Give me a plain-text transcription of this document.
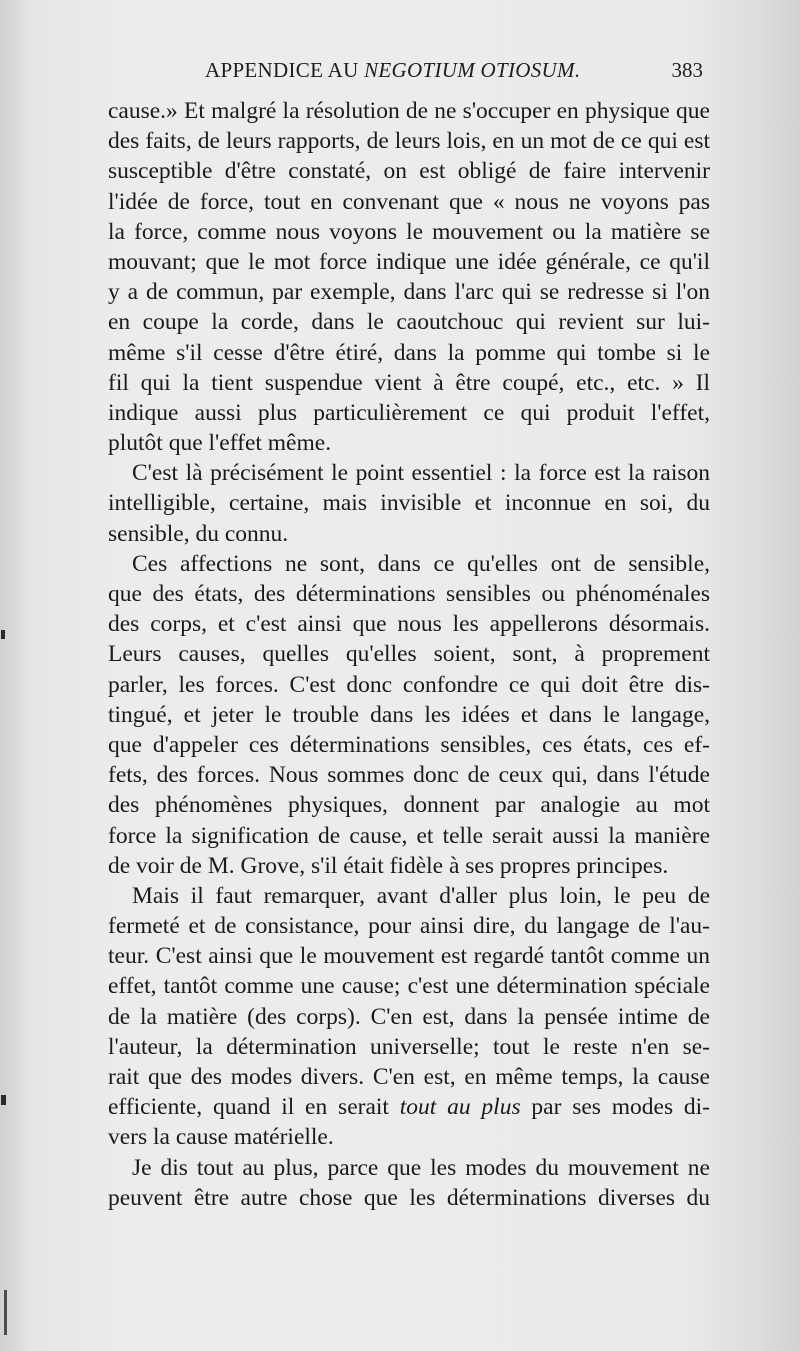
APPENDICE AU NEGOTIUM OTIOSUM.	383
cause.» Et malgré la résolution de ne s'occuper en physique que
des faits, de leurs rapports, de leurs lois, en un mot de ce qui est
susceptible d'être constaté, on est obligé de faire intervenir
l'idée de force, tout en convenant que « nous ne voyons pas
la force, comme nous voyons le mouvement ou la matière se
mouvant; que le mot force indique une idée générale, ce qu'il
y a de commun, par exemple, dans l'arc qui se redresse si l'on
en coupe la corde, dans le caoutchouc qui revient sur lui-
même s'il cesse d'être étiré, dans la pomme qui tombe si le
fil qui la tient suspendue vient à être coupé, etc., etc. » Il
indique aussi plus particulièrement ce qui produit l'effet,
plutôt que l'effet même.
C'est là précisément le point essentiel : la force est la raison
intelligible, certaine, mais invisible et inconnue en soi, du
sensible, du connu.
Ces affections ne sont, dans ce qu'elles ont de sensible,
que des états, des déterminations sensibles ou phénoménales
des corps, et c'est ainsi que nous les appellerons désormais.
Leurs causes, quelles qu'elles soient, sont, à proprement
parler, les forces. C'est donc confondre ce qui doit être dis-
tingué, et jeter le trouble dans les idées et dans le langage,
que d'appeler ces déterminations sensibles, ces états, ces ef-
fets, des forces. Nous sommes donc de ceux qui, dans l'étude
des phénomènes physiques, donnent par analogie au mot
force la signification de cause, et telle serait aussi la manière
de voir de M. Grove, s'il était fidèle à ses propres principes.
Mais il faut remarquer, avant d'aller plus loin, le peu de
fermeté et de consistance, pour ainsi dire, du langage de l'au-
teur. C'est ainsi que le mouvement est regardé tantôt comme un
effet, tantôt comme une cause; c'est une détermination spéciale
de la matière (des corps). C'en est, dans la pensée intime de
l'auteur, la détermination universelle; tout le reste n'en se-
rait que des modes divers. C'en est, en même temps, la cause
efficiente, quand il en serait tout au plus par ses modes di-
vers la cause matérielle.
Je dis tout au plus, parce que les modes du mouvement ne
peuvent être autre chose que les déterminations diverses du
